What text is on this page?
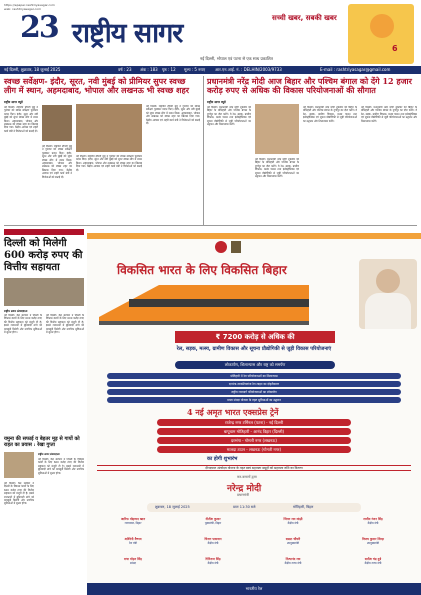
https://epaper.rashtriyasagar.com
web: rashtriyasagar.com
23 राष्ट्रीय सागर	सच्ची खबर, सबकी खबर
नई दिल्ली, भोपाल एवं पटना से एक साथ प्रकाशित
6
नई दिल्ली, शुक्रवार, 18 जुलाई 2025	वर्ष : 23 अंक : 183 पृष्ठ : 12 मूल्य : 5 रुपए आर.एन.आई. नं. : DELHIN/2003/9733	E-mail : rashtriyasagar@gmail.com
स्वच्छ सर्वेक्षण- इंदौर, सूरत, नवी मुंबई को प्रीमियर सुपर स्वच्छ लीग में स्थान, अहमदाबाद, भोपाल और लखनऊ भी स्वच्छ शहर
राष्ट्रीय सागर ब्यूरो
नई दिल्ली। राष्ट्रपति द्रौपदी मुर्मु ने गुरुवार को स्वच्छ सर्वेक्षण पुरस्कार प्रदान किए। इंदौर, सूरत और नवी मुंबई को सुपर स्वच्छ लीग में स्थान मिला। अहमदाबाद, भोपाल और लखनऊ को स्वच्छ शहर का खिताब दिया गया। केंद्रीय आवास एवं शहरी कार्य मंत्री ने विजेताओं को बधाई दी।
नई दिल्ली। राष्ट्रपति द्रौपदी मुर्मु ने गुरुवार को स्वच्छ सर्वेक्षण पुरस्कार प्रदान किए। इंदौर, सूरत और नवी मुंबई को सुपर स्वच्छ लीग में स्थान मिला। अहमदाबाद, भोपाल और लखनऊ को स्वच्छ शहर का खिताब दिया गया। केंद्रीय आवास एवं शहरी कार्य मंत्री ने विजेताओं को बधाई दी।
नई दिल्ली। राष्ट्रपति द्रौपदी मुर्मु ने गुरुवार को स्वच्छ सर्वेक्षण पुरस्कार प्रदान किए। इंदौर, सूरत और नवी मुंबई को सुपर स्वच्छ लीग में स्थान मिला। अहमदाबाद, भोपाल और लखनऊ को स्वच्छ शहर का खिताब दिया गया। केंद्रीय आवास एवं शहरी कार्य मंत्री ने विजेताओं को बधाई दी।
नई दिल्ली। राष्ट्रपति द्रौपदी मुर्मु ने गुरुवार को स्वच्छ सर्वेक्षण पुरस्कार प्रदान किए। इंदौर, सूरत और नवी मुंबई को सुपर स्वच्छ लीग में स्थान मिला। अहमदाबाद, भोपाल और लखनऊ को स्वच्छ शहर का खिताब दिया गया। केंद्रीय आवास एवं शहरी कार्य मंत्री ने विजेताओं को बधाई दी।
प्रधानमंत्री नरेंद्र मोदी आज बिहार और पश्चिम बंगाल को देंगे 12 हजार करोड़ रुपए से अधिक की विकास परियोजनाओं की सौगात
राष्ट्रीय सागर ब्यूरो
नई दिल्ली। प्रधानमंत्री नरेंद्र मोदी शुक्रवार को बिहार के मोतिहारी और पश्चिम बंगाल के दुर्गापुर का दौरा करेंगे। वे रेल, सड़क, ग्रामीण विकास, मत्स्य पालन तथा इलेक्ट्रॉनिक्स एवं सूचना प्रौद्योगिकी से जुड़ी परियोजनाओं का उद्घाटन और शिलान्यास करेंगे।
नई दिल्ली। प्रधानमंत्री नरेंद्र मोदी शुक्रवार को बिहार के मोतिहारी और पश्चिम बंगाल के दुर्गापुर का दौरा करेंगे। वे रेल, सड़क, ग्रामीण विकास, मत्स्य पालन तथा इलेक्ट्रॉनिक्स एवं सूचना प्रौद्योगिकी से जुड़ी परियोजनाओं का उद्घाटन और शिलान्यास करेंगे।
नई दिल्ली। प्रधानमंत्री नरेंद्र मोदी शुक्रवार को बिहार के मोतिहारी और पश्चिम बंगाल के दुर्गापुर का दौरा करेंगे। वे रेल, सड़क, ग्रामीण विकास, मत्स्य पालन तथा इलेक्ट्रॉनिक्स एवं सूचना प्रौद्योगिकी से जुड़ी परियोजनाओं का उद्घाटन और शिलान्यास करेंगे।
नई दिल्ली। प्रधानमंत्री नरेंद्र मोदी शुक्रवार को बिहार के मोतिहारी और पश्चिम बंगाल के दुर्गापुर का दौरा करेंगे। वे रेल, सड़क, ग्रामीण विकास, मत्स्य पालन तथा इलेक्ट्रॉनिक्स एवं सूचना प्रौद्योगिकी से जुड़ी परियोजनाओं का उद्घाटन और शिलान्यास करेंगे।
दिल्ली को मिलेगी 600 करोड़ रुपए की वित्तीय सहायता
राष्ट्रीय सागर संवाददाता
नई दिल्ली। केंद्र सरकार ने दिल्ली के विकास कार्यों के लिए 600 करोड़ रुपए की वित्तीय सहायता को मंजूरी दी है। इससे राजधानी में बुनियादी ढांचे को मजबूती मिलेगी और नागरिक सुविधाओं में सुधार होगा।
नई दिल्ली। केंद्र सरकार ने दिल्ली के विकास कार्यों के लिए 600 करोड़ रुपए की वित्तीय सहायता को मंजूरी दी है। इससे राजधानी में बुनियादी ढांचे को मजबूती मिलेगी और नागरिक सुविधाओं में सुधार होगा।
यमुना की सफाई व बेहतर मूड़ से गायों को राहत का प्रयास : रेखा गुप्ता
राष्ट्रीय सागर संवाददाता
नई दिल्ली। केंद्र सरकार ने दिल्ली के विकास कार्यों के लिए 600 करोड़ रुपए की वित्तीय सहायता को मंजूरी दी है। इससे राजधानी में बुनियादी ढांचे को मजबूती मिलेगी और नागरिक सुविधाओं में सुधार होगा।
नई दिल्ली। केंद्र सरकार ने दिल्ली के विकास कार्यों के लिए 600 करोड़ रुपए की वित्तीय सहायता को मंजूरी दी है। इससे राजधानी में बुनियादी ढांचे को मजबूती मिलेगी और नागरिक सुविधाओं में सुधार होगा।
विकसित भारत के लिए विकसित बिहार
₹ 7200 करोड़ से अधिक की
रेल, सड़क, मत्स्य, ग्रामीण विकास और सूचना प्रौद्योगिकी से जुड़ी विकास परियोजनाएं
लोकार्पण, शिलान्यास और राष्ट्र को समर्पण
मोतिहारी में रेल परियोजनाओं का शिलान्यास
दरभंगा-नरकटियागंज रेल लाइन का दोहरीकरण
राष्ट्रीय राजमार्ग परियोजनाओं का लोकार्पण
मत्स्य संपदा योजना के तहत सुविधाओं का उद्घाटन
4 नई अमृत भारत एक्सप्रेस ट्रेनें
राजेन्द्र नगर टर्मिनल (पटना) - नई दिल्ली
बापूधाम मोतिहारी - आनंद विहार (दिल्ली)
दरभंगा - गोमती नगर (लखनऊ)
मालदा टाउन - लखनऊ (गोमती नगर)
का होगी शुभारंभ
दीनदयाल अंत्योदय योजना के तहत स्वयं सहायता समूहों को सहायता राशि का वितरण
कर-कमलों द्वारा
नरेन्द्र मोदी
प्रधानमंत्री
शुक्रवार, 18 जुलाई 2025	प्रातः 11:30 बजे	मोतिहारी, बिहार
आरिफ मोहम्मद खान
राज्यपाल, बिहार
नीतीश कुमार
मुख्यमंत्री, बिहार
जितन राम मांझी
केंद्रीय मंत्री
राजीव रंजन सिंह
केंद्रीय मंत्री
अश्विनी वैष्णव
रेल मंत्री
चिराग पासवान
केंद्रीय मंत्री
सम्राट चौधरी
उपमुख्यमंत्री
विजय कुमार सिन्हा
उपमुख्यमंत्री
राधा मोहन सिंह
सांसद
गिरिराज सिंह
केंद्रीय मंत्री
नित्यानंद राय
केंद्रीय राज्य मंत्री
सतीश चंद्र दुबे
केंद्रीय राज्य मंत्री
भारतीय रेल
